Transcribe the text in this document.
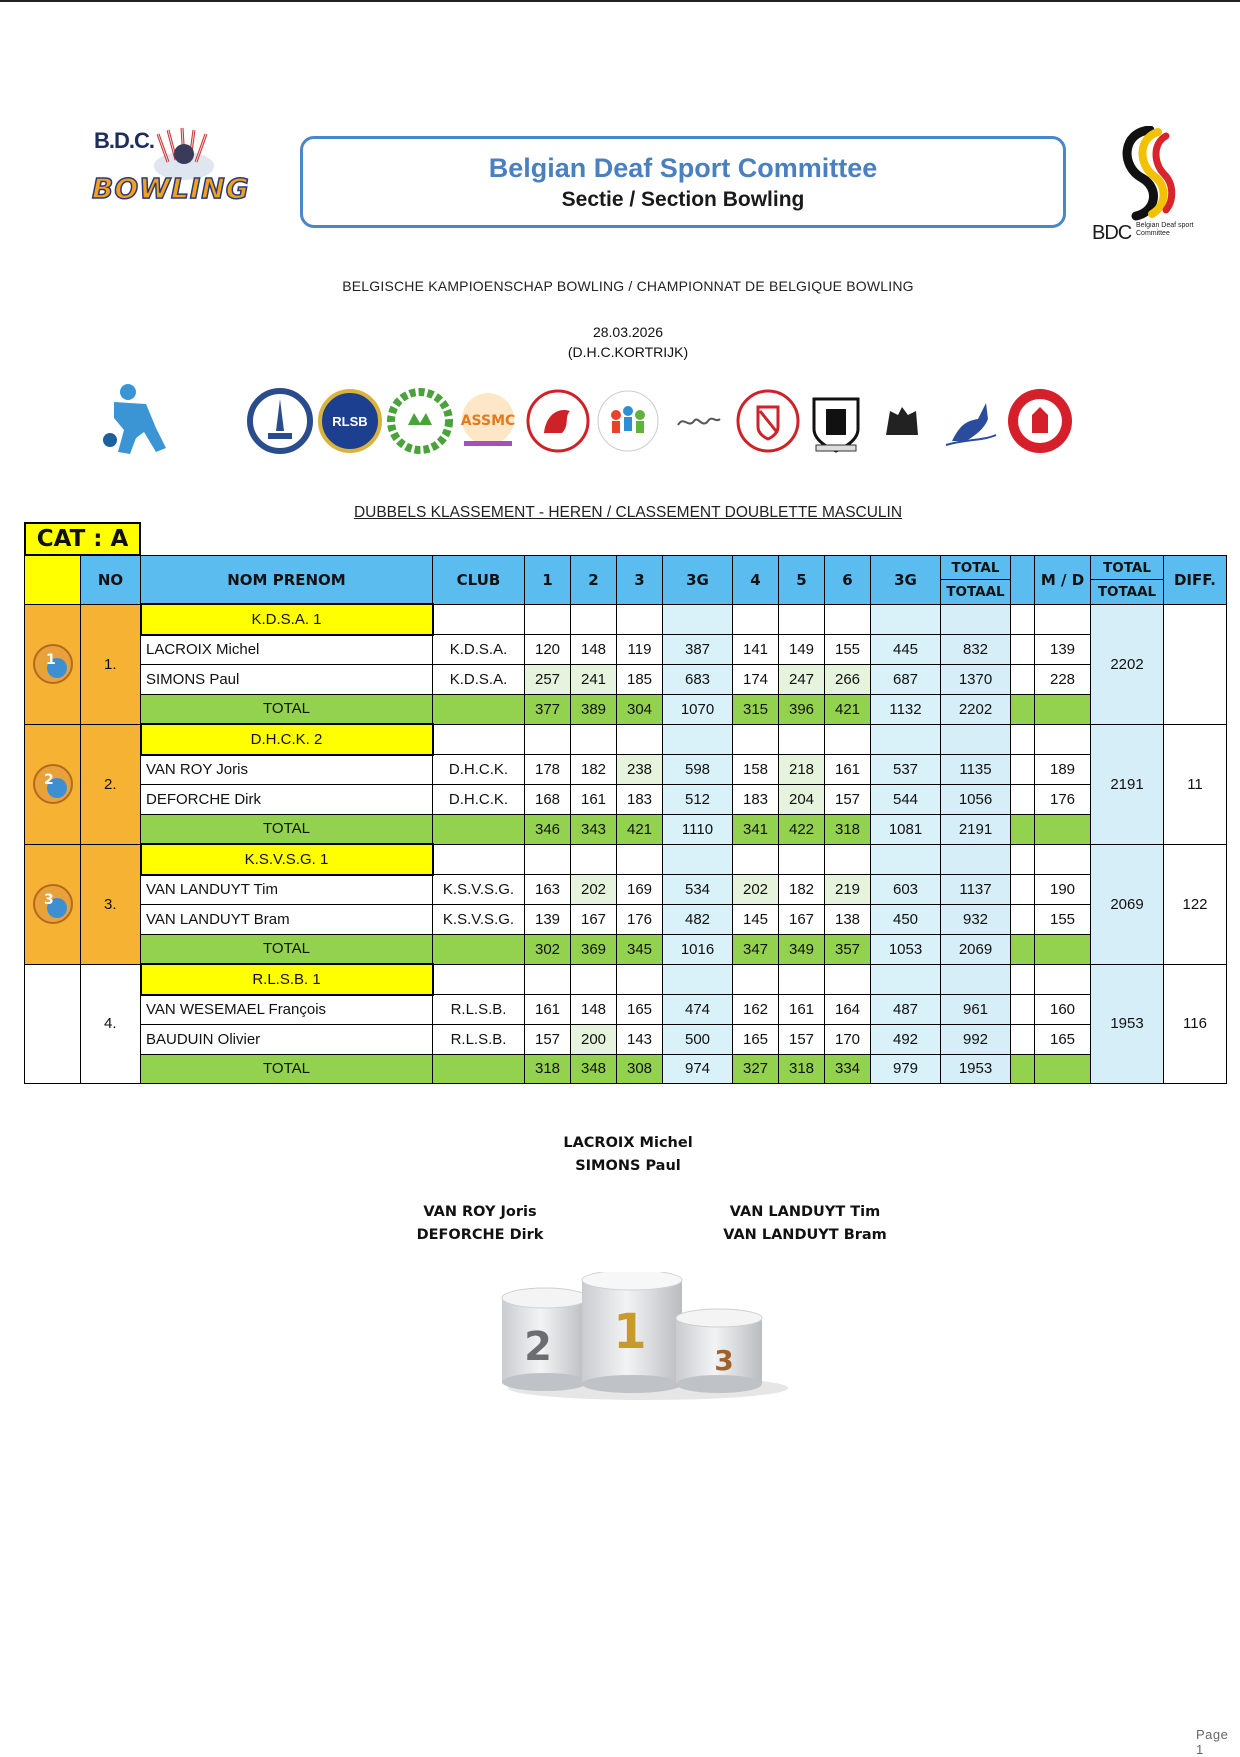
B.D.C.
BOWLING
Belgian Deaf Sport Committee
Sectie / Section Bowling
BDC Belgian Deaf sport
Committee
BELGISCHE KAMPIOENSCHAP BOWLING / CHAMPIONNAT DE BELGIQUE BOWLING
28.03.2026
(D.H.C.KORTRIJK)
RLSB	ASSMC
DUBBELS KLASSEMENT - HEREN / CLASSEMENT DOUBLETTE MASCULIN
CAT : A
	NO	NOM PRENOM	CLUB	1	2	3	3G	4	5	6	3G	TOTAL		M / D	TOTAL	DIFF.
												TOTAAL			TOTAAL	

1	1.	K.D.S.A. 1													2202	
		LACROIX Michel	K.D.S.A.	120	148	119	387	141	149	155	445	832		139		
		SIMONS Paul	K.D.S.A.	257	241	185	683	174	247	266	687	1370		228		
		TOTAL		377	389	304	1070	315	396	421	1132	2202				

2	2.	D.H.C.K. 2													2191	11
		VAN ROY Joris	D.H.C.K.	178	182	238	598	158	218	161	537	1135		189		
		DEFORCHE Dirk	D.H.C.K.	168	161	183	512	183	204	157	544	1056		176		
		TOTAL		346	343	421	1110	341	422	318	1081	2191				

3	3.	K.S.V.S.G. 1													2069	122
		VAN LANDUYT Tim	K.S.V.S.G.	163	202	169	534	202	182	219	603	1137		190		
		VAN LANDUYT Bram	K.S.V.S.G.	139	167	176	482	145	167	138	450	932		155		
		TOTAL		302	369	345	1016	347	349	357	1053	2069				
	4.	R.L.S.B. 1													1953	116
		VAN WESEMAEL François	R.L.S.B.	161	148	165	474	162	161	164	487	961		160		
		BAUDUIN Olivier	R.L.S.B.	157	200	143	500	165	157	170	492	992		165		
		TOTAL		318	348	308	974	327	318	334	979	1953				
LACROIX Michel
SIMONS Paul
VAN ROY Joris
DEFORCHE Dirk
VAN LANDUYT Tim
VAN LANDUYT Bram
2 1
3
Page 1
